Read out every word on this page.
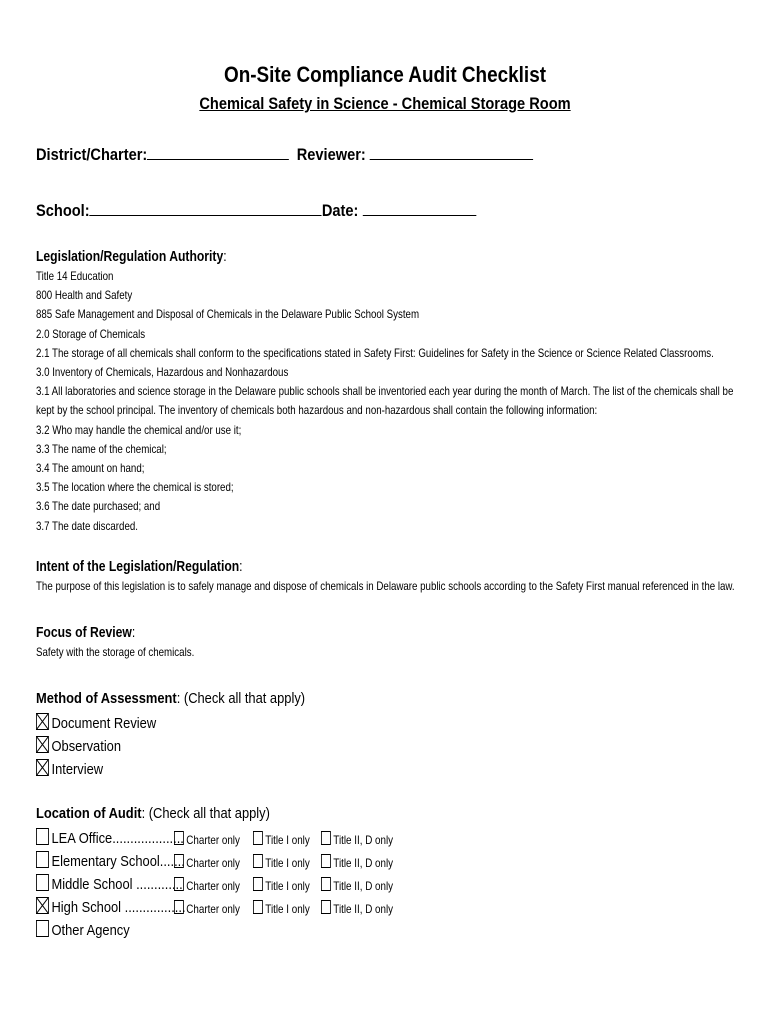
On-Site Compliance Audit Checklist
Chemical Safety in Science - Chemical Storage Room
District/Charter:	Reviewer:
School:	Date:
Legislation/Regulation Authority:
Title 14 Education
800 Health and Safety
885 Safe Management and Disposal of Chemicals in the Delaware Public School System
2.0 Storage of Chemicals
2.1 The storage of all chemicals shall conform to the specifications stated in Safety First: Guidelines for Safety in the Science or Science Related Classrooms.
3.0 Inventory of Chemicals, Hazardous and Nonhazardous
3.1 All laboratories and science storage in the Delaware public schools shall be inventoried each year during the month of March. The list of the chemicals shall be
kept by the school principal. The inventory of chemicals both hazardous and non-hazardous shall contain the following information:
3.2 Who may handle the chemical and/or use it;
3.3 The name of the chemical;
3.4 The amount on hand;
3.5 The location where the chemical is stored;
3.6 The date purchased; and
3.7 The date discarded.
Intent of the Legislation/Regulation:
The purpose of this legislation is to safely manage and dispose of chemicals in Delaware public schools according to the Safety First manual referenced in the law.
Focus of Review:
Safety with the storage of chemicals.
Method of Assessment: (Check all that apply)
Document Review
Observation
Interview
Location of Audit: (Check all that apply)
LEA Office.................... Charter only	Title I only	Title II, D only
Elementary School....... Charter only	Title I only	Title II, D only
Middle School ............. Charter only	Title I only	Title II, D only
High School ................. Charter only	Title I only	Title II, D only
Other Agency
